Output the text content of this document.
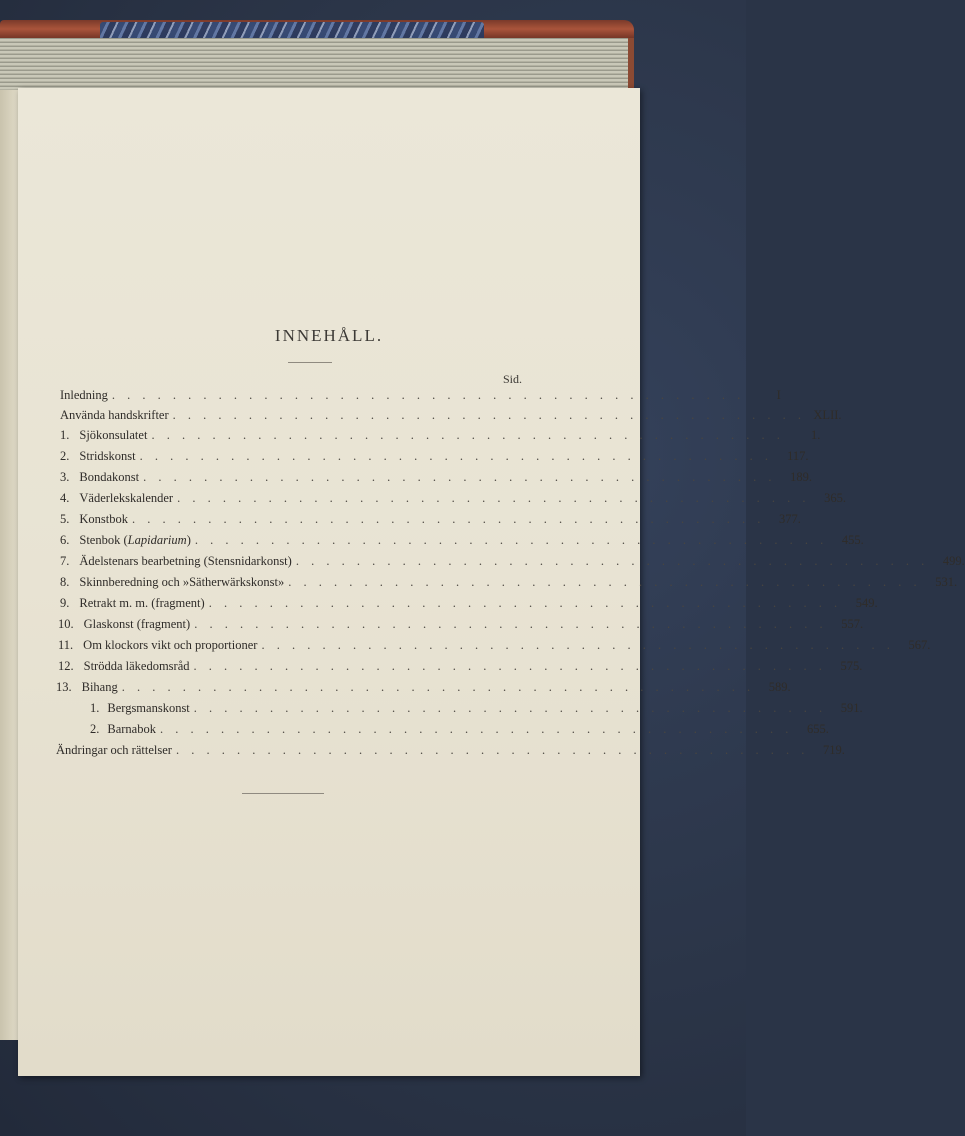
INNEHÅLL.
Sid.
Inledning . . . . . . . . . . . . . . . . . . . . . . . . . . . . . . . . . . . . . . . . . .	I
Använda handskrifter . . . . . . . . . . . . . . . . . . . . . . . . . . . . . . . . . . . . . . . . . . XLII.
1. Sjökonsulatet . . . . . . . . . . . . . . . . . . . . . . . . . . . . . . . . . . . . . . . . . .	1.
2. Stridskonst . . . . . . . . . . . . . . . . . . . . . . . . . . . . . . . . . . . . . . . . . .	117.
3. Bondakonst . . . . . . . . . . . . . . . . . . . . . . . . . . . . . . . . . . . . . . . . . .	189.
4. Väderlekskalender . . . . . . . . . . . . . . . . . . . . . . . . . . . . . . . . . . . . . . . . . .	365.
5. Konstbok . . . . . . . . . . . . . . . . . . . . . . . . . . . . . . . . . . . . . . . . . .	377.
6. Stenbok ( Lapidarium ) . . . . . . . . . . . . . . . . . . . . . . . . . . . . . . . . . . . . . . . . . .	455.
7. Ädelstenars bearbetning (Stensnidarkonst) . . . . . . . . . . . . . . . . . . . . . . . . . . . . . . . . . . . . . . . . . .	499.
8. Skinnberedning och »Sätherwärkskonst» . . . . . . . . . . . . . . . . . . . . . . . . . . . . . . . . . . . . . . . . . .	531.
9. Retrakt m. m. (fragment) . . . . . . . . . . . . . . . . . . . . . . . . . . . . . . . . . . . . . . . . . .	549.
10. Glaskonst (fragment) . . . . . . . . . . . . . . . . . . . . . . . . . . . . . . . . . . . . . . . . . .	557.
11. Om klockors vikt och proportioner . . . . . . . . . . . . . . . . . . . . . . . . . . . . . . . . . . . . . . . . . .	567.
12. Strödda läkedomsråd . . . . . . . . . . . . . . . . . . . . . . . . . . . . . . . . . . . . . . . . . .	575.
13. Bihang . . . . . . . . . . . . . . . . . . . . . . . . . . . . . . . . . . . . . . . . . .	589.
1. Bergsmanskonst . . . . . . . . . . . . . . . . . . . . . . . . . . . . . . . . . . . . . . . . . .	591.
2. Barnabok . . . . . . . . . . . . . . . . . . . . . . . . . . . . . . . . . . . . . . . . . .	655.
Ändringar och rättelser . . . . . . . . . . . . . . . . . . . . . . . . . . . . . . . . . . . . . . . . . .	719.
